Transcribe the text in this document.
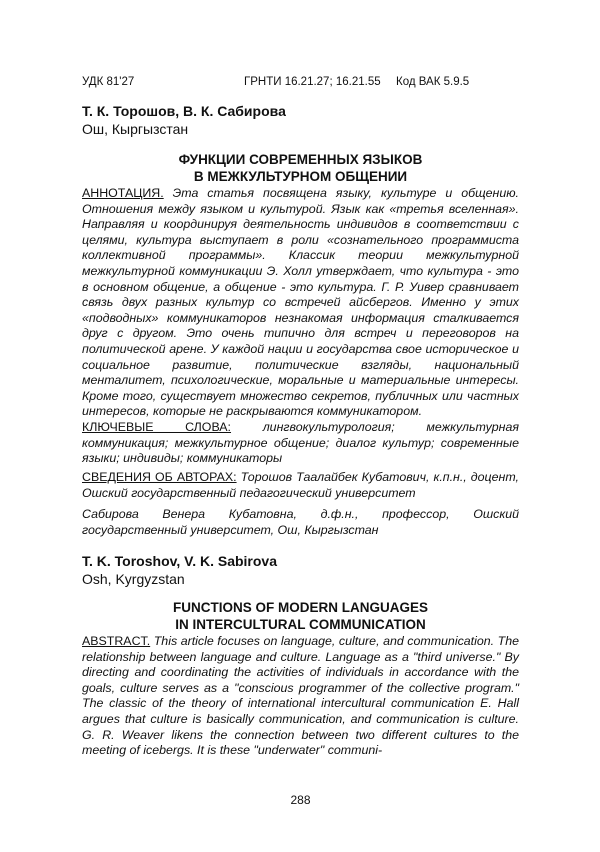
УДК 81'27	ГРНТИ 16.21.27; 16.21.55 Код ВАК 5.9.5
Т. К. Торошов, В. К. Сабирова
Ош, Кыргызстан
ФУНКЦИИ СОВРЕМЕННЫХ ЯЗЫКОВ
В МЕЖКУЛЬТУРНОМ ОБЩЕНИИ
АННОТАЦИЯ. Эта статья посвящена языку, культуре и общению. Отношения между языком и культурой. Язык как «третья вселенная». Направляя и координируя деятельность индивидов в соответствии с целями, культура выступает в роли «сознательного программиста коллективной программы». Классик теории межкультурной межкультурной коммуникации Э. Холл утверждает, что культура - это в основном общение, а общение - это культура. Г. Р. Уивер сравнивает связь двух разных культур со встречей айсбергов. Именно у этих «подводных» коммуникаторов незнакомая информация сталкивается друг с другом. Это очень типично для встреч и переговоров на политической арене. У каждой нации и государства свое историческое и социальное развитие, политические взгляды, национальный менталитет, психологические, моральные и материальные интересы. Кроме того, существует множество секретов, публичных или частных интересов, которые не раскрываются коммуникатором.
КЛЮЧЕВЫЕ СЛОВА:	лингвокультурология; межкультурная коммуникация; межкультурное общение; диалог культур; современные языки; индивиды; коммуникаторы
СВЕДЕНИЯ ОБ АВТОРАХ: Торошов Таалайбек Кубатович, к.п.н., доцент, Ошский государственный педагогический университет
Сабирова Венера Кубатовна, д.ф.н., профессор, Ошский государственный университет, Ош, Кыргызстан
T. K. Toroshov, V. K. Sabirova
Osh, Kyrgyzstan
FUNCTIONS OF MODERN LANGUAGES
IN INTERCULTURAL COMMUNICATION
ABSTRACT. This article focuses on language, culture, and communication. The relationship between language and culture. Language as a "third universe." By directing and coordinating the activities of individuals in accordance with the goals, culture serves as a "conscious programmer of the collective program." The classic of the theory of international intercultural communication E. Hall argues that culture is basically communication, and communication is culture. G. R. Weaver likens the connection between two different cultures to the meeting of icebergs. It is these "underwater" communi-
288
